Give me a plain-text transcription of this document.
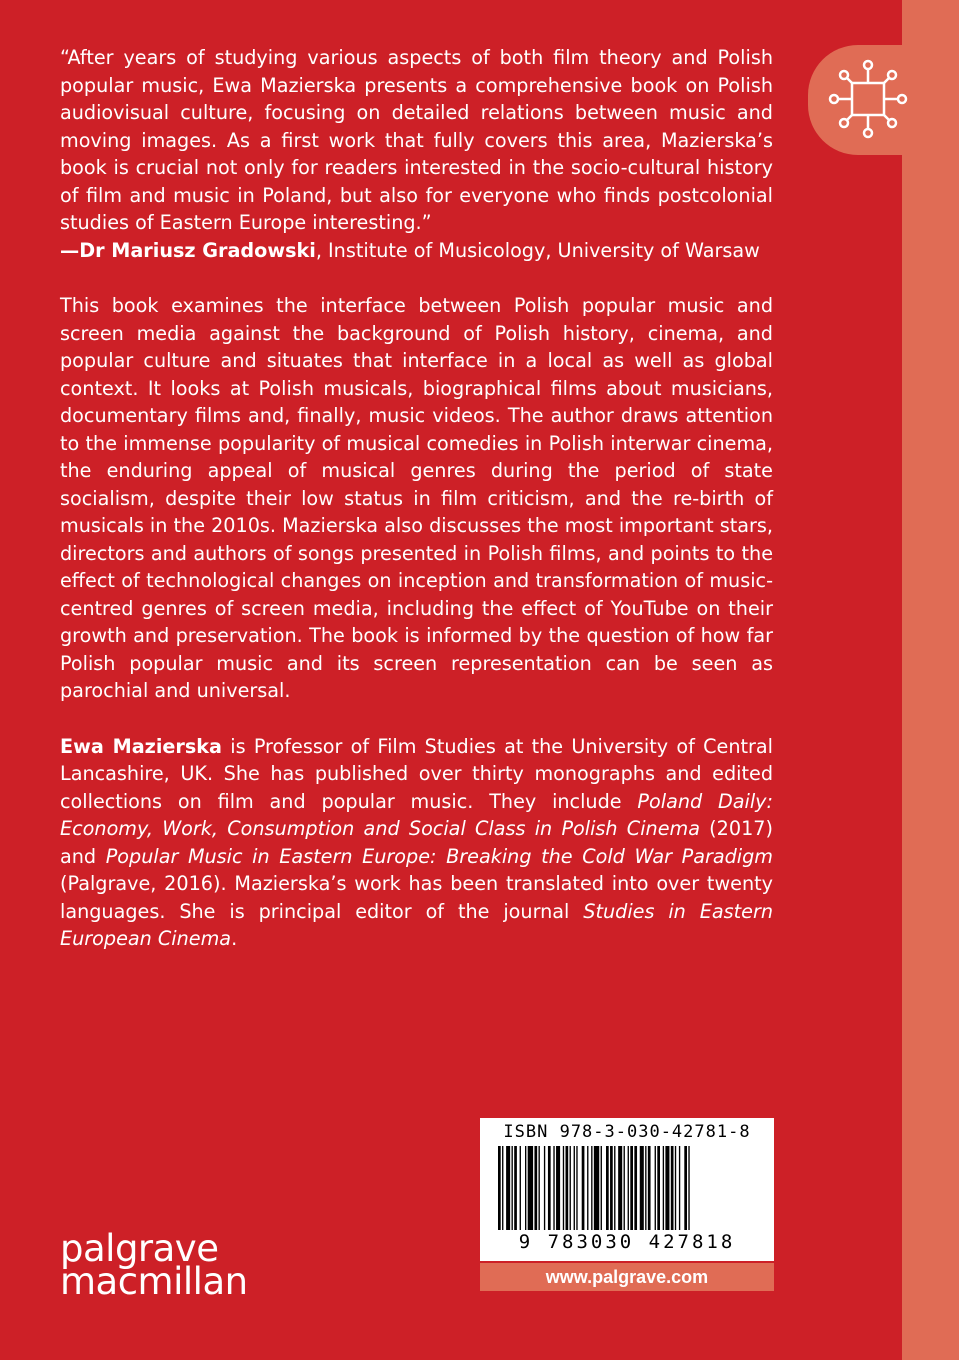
“After years of studying various aspects of both film theory and Polish popular music, Ewa Mazierska presents a comprehensive book on Polish audiovisual culture, focusing on detailed relations between music and moving images. As a first work that fully covers this area, Mazierska’s book is crucial not only for readers interested in the socio-cultural history of film and music in Poland, but also for everyone who finds postcolonial studies of Eastern Europe interesting.”

—Dr Mariusz Gradowski, Institute of Musicology, University of Warsaw

This book examines the interface between Polish popular music and screen media against the background of Polish history, cinema, and popular culture and situates that interface in a local as well as global context. It looks at Polish musicals, biographical films about musicians, documentary films and, finally, music videos. The author draws attention to the immense popularity of musical comedies in Polish interwar cinema, the enduring appeal of musical genres during the period of state socialism, despite their low status in film criticism, and the re-birth of musicals in the 2010s. Mazierska also discusses the most important stars, directors and authors of songs presented in Polish films, and points to the effect of technological changes on inception and transformation of music-centred genres of screen media, including the effect of YouTube on their growth and preservation. The book is informed by the question of how far Polish popular music and its screen representation can be seen as parochial and universal.

Ewa Mazierska is Professor of Film Studies at the University of Central Lancashire, UK. She has published over thirty monographs and edited collections on film and popular music. They include Poland Daily: Economy, Work, Consumption and Social Class in Polish Cinema (2017) and Popular Music in Eastern Europe: Breaking the Cold War Paradigm (Palgrave, 2016). Mazierska’s work has been translated into over twenty languages. She is principal editor of the journal Studies in Eastern European Cinema.

ISBN 978-3-030-42781-8
9 783030 427818
www.palgrave.com
palgrave
macmillan
